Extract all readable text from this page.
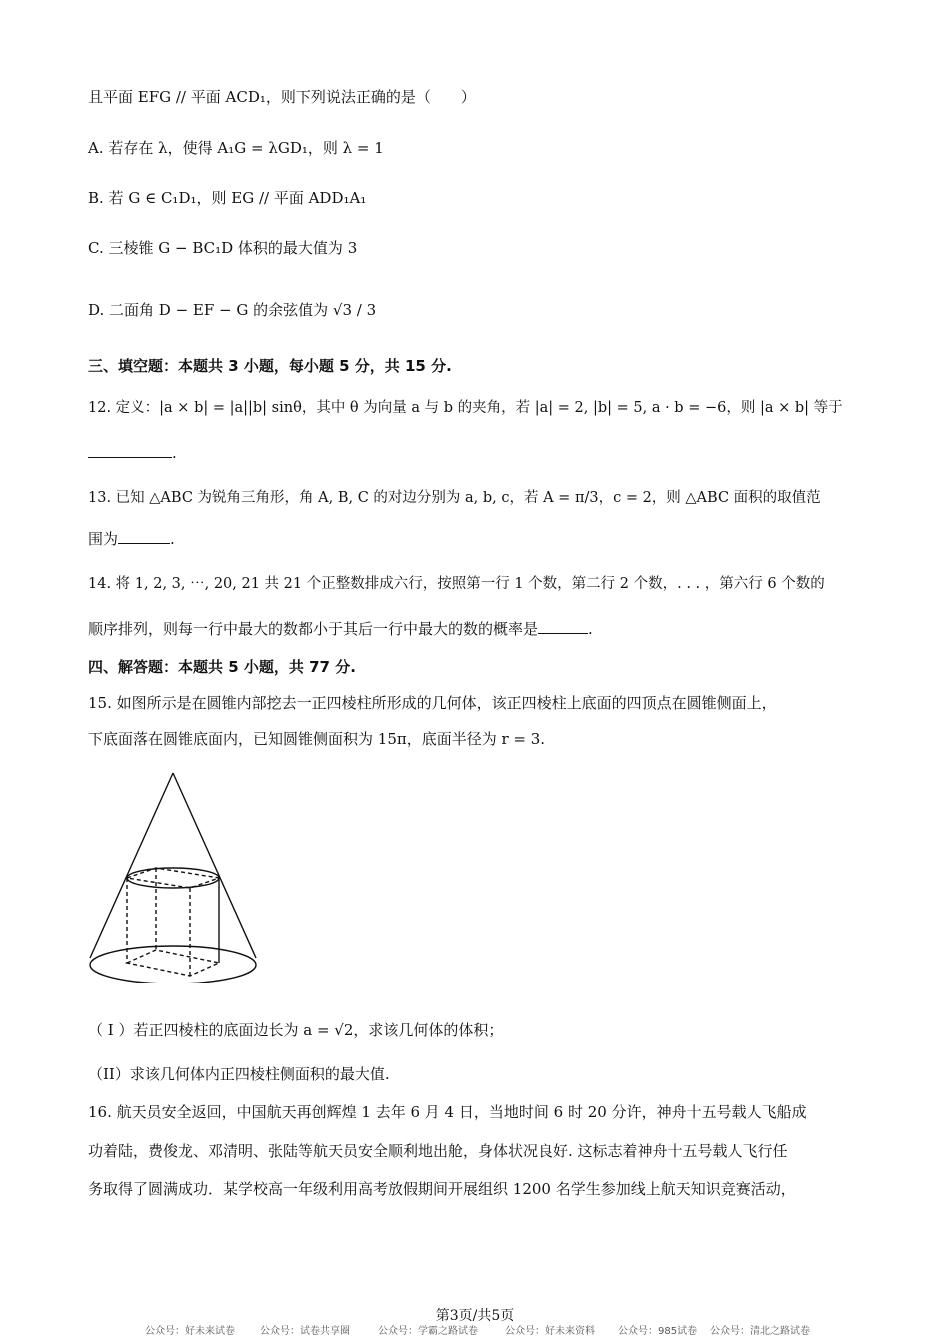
且平面 EFG // 平面 ACD₁，则下列说法正确的是（　　）
A. 若存在 λ，使得 A₁G = λGD₁，则 λ = 1
B. 若 G ∈ C₁D₁，则 EG // 平面 ADD₁A₁
C. 三棱锥 G − BC₁D 体积的最大值为 3
D. 二面角 D − EF − G 的余弦值为 √3 / 3
三、填空题：本题共 3 小题，每小题 5 分，共 15 分.
12. 定义：|a × b| = |a||b| sinθ，其中 θ 为向量 a 与 b 的夹角，若 |a| = 2, |b| = 5, a · b = −6，则 |a × b| 等于
.
13. 已知 △ABC 为锐角三角形，角 A, B, C 的对边分别为 a, b, c，若 A = π/3，c = 2，则 △ABC 面积的取值范
围为	.
14. 将 1, 2, 3, ⋯, 20, 21 共 21 个正整数排成六行，按照第一行 1 个数，第二行 2 个数，. . . ，第六行 6 个数的
顺序排列，则每一行中最大的数都小于其后一行中最大的数的概率是	.
四、解答题：本题共 5 小题，共 77 分.
15. 如图所示是在圆锥内部挖去一正四棱柱所形成的几何体，该正四棱柱上底面的四顶点在圆锥侧面上，
下底面落在圆锥底面内，已知圆锥侧面积为 15π，底面半径为 r = 3.
（ I ）若正四棱柱的底面边长为 a = √2，求该几何体的体积；
（II）求该几何体内正四棱柱侧面积的最大值.
16. 航天员安全返回，中国航天再创辉煌 1 去年 6 月 4 日，当地时间 6 时 20 分许，神舟十五号载人飞船成
功着陆，费俊龙、邓清明、张陆等航天员安全顺利地出舱，身体状况良好. 这标志着神舟十五号载人飞行任
务取得了圆满成功．某学校高一年级利用高考放假期间开展组织 1200 名学生参加线上航天知识竞赛活动，
第3页/共5页
公众号：好未来试卷	公众号：试卷共享圈	公众号：学霸之路试卷	公众号：好未来资料 公众号：985试卷 公众号：清北之路试卷
